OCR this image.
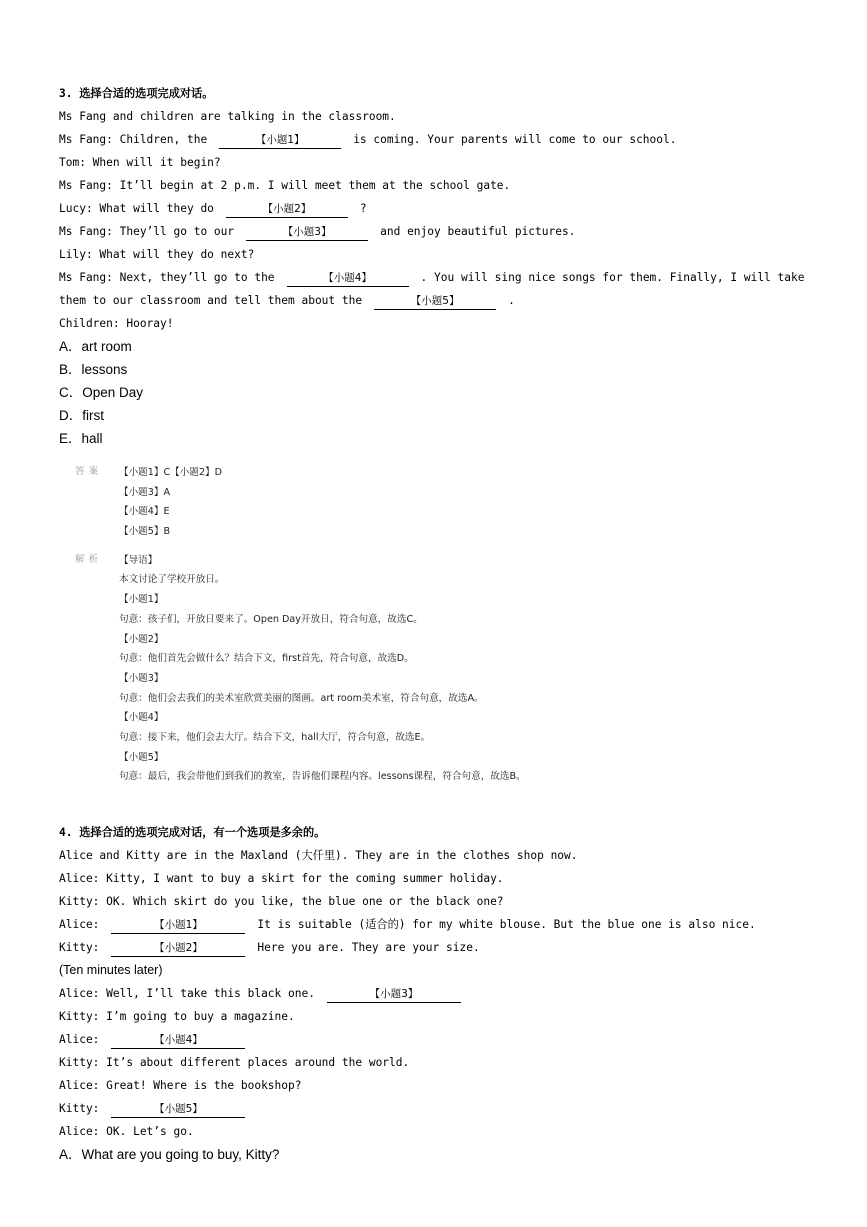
3. 选择合适的选项完成对话。
Ms Fang and children are talking in the classroom.
Ms Fang: Children, the	【小题1】	is coming. Your parents will come to our school.
Tom: When will it begin?
Ms Fang: It’ll begin at 2 p.m. I will meet them at the school gate.
Lucy: What will they do	【小题2】	?
Ms Fang: They’ll go to our	【小题3】	and enjoy beautiful pictures.
Lily: What will they do next?
Ms Fang: Next, they’ll go to the	【小题4】	. You will sing nice songs for them. Finally, I will take
them to our classroom and tell them about the	【小题5】	.
Children: Hooray!
A．art room
B．lessons
C．Open Day
D．first
E．hall
答案 【小题1】C【小题2】D
【小题3】A
【小题4】E
【小题5】B
解析 【导语】
本文讨论了学校开放日。
【小题1】
句意：孩子们，开放日要来了。Open Day开放日，符合句意，故选C。
【小题2】
句意：他们首先会做什么？结合下文，first首先，符合句意，故选D。
【小题3】
句意：他们会去我们的美术室欣赏美丽的图画。art room美术室，符合句意，故选A。
【小题4】
句意：接下来，他们会去大厅。结合下文，hall大厅，符合句意，故选E。
【小题5】
句意：最后，我会带他们到我们的教室，告诉他们课程内容。lessons课程，符合句意，故选B。
4. 选择合适的选项完成对话，有一个选项是多余的。
Alice and Kitty are in the Maxland (大仟里). They are in the clothes shop now.
Alice: Kitty, I want to buy a skirt for the coming summer holiday.
Kitty: OK. Which skirt do you like, the blue one or the black one?
Alice:	【小题1】	It is suitable (适合的) for my white blouse. But the blue one is also nice.
Kitty:	【小题2】	Here you are. They are your size.
(Ten minutes later)
Alice: Well, I’ll take this black one.	【小题3】
Kitty: I’m going to buy a magazine.
Alice:	【小题4】
Kitty: It’s about different places around the world.
Alice: Great! Where is the bookshop?
Kitty:	【小题5】
Alice: OK. Let’s go.
A．What are you going to buy, Kitty?
